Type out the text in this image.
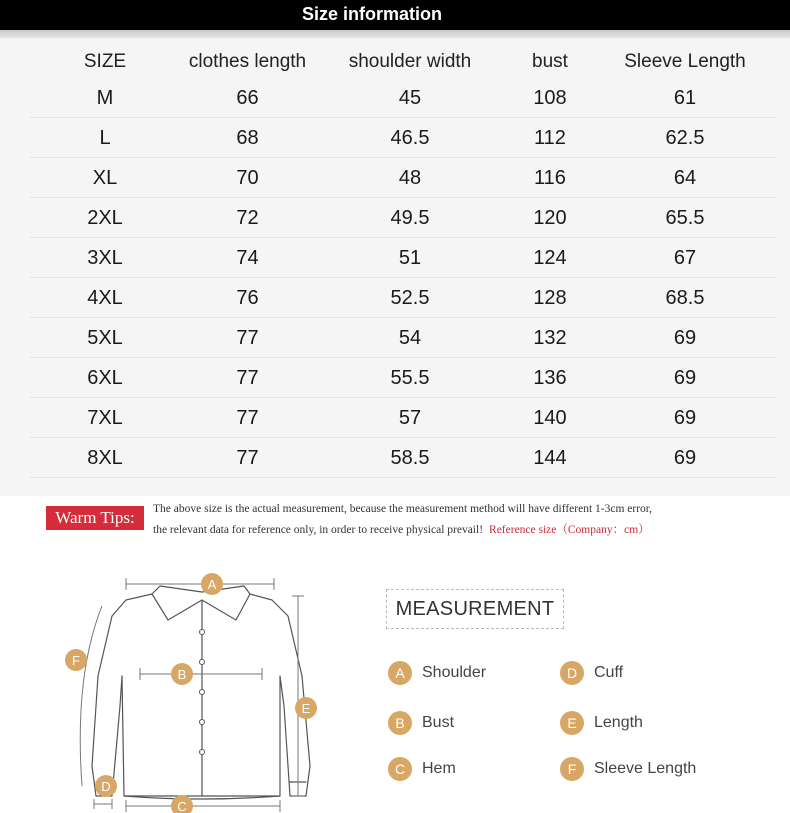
Size information
SIZE	clothes length	shoulder width	bust	Sleeve Length
M	66	45	108	61
L	68	46.5	112	62.5
XL	70	48	116	64
2XL	72	49.5	120	65.5
3XL	74	51	124	67
4XL	76	52.5	128	68.5
5XL	77	54	132	69
6XL	77	55.5	136	69
7XL	77	57	140	69
8XL	77	58.5	144	69
Warm Tips:	The above size is the actual measurement, because the measurement method will have different 1-3cm error,
the relevant data for reference only, in order to receive physical prevail! Reference size（Company：cm）
A
B
C
D
E
F
MEASUREMENT
A	Shoulder
B	Bust
C	Hem
D	Cuff
E	Length
F	Sleeve Length
